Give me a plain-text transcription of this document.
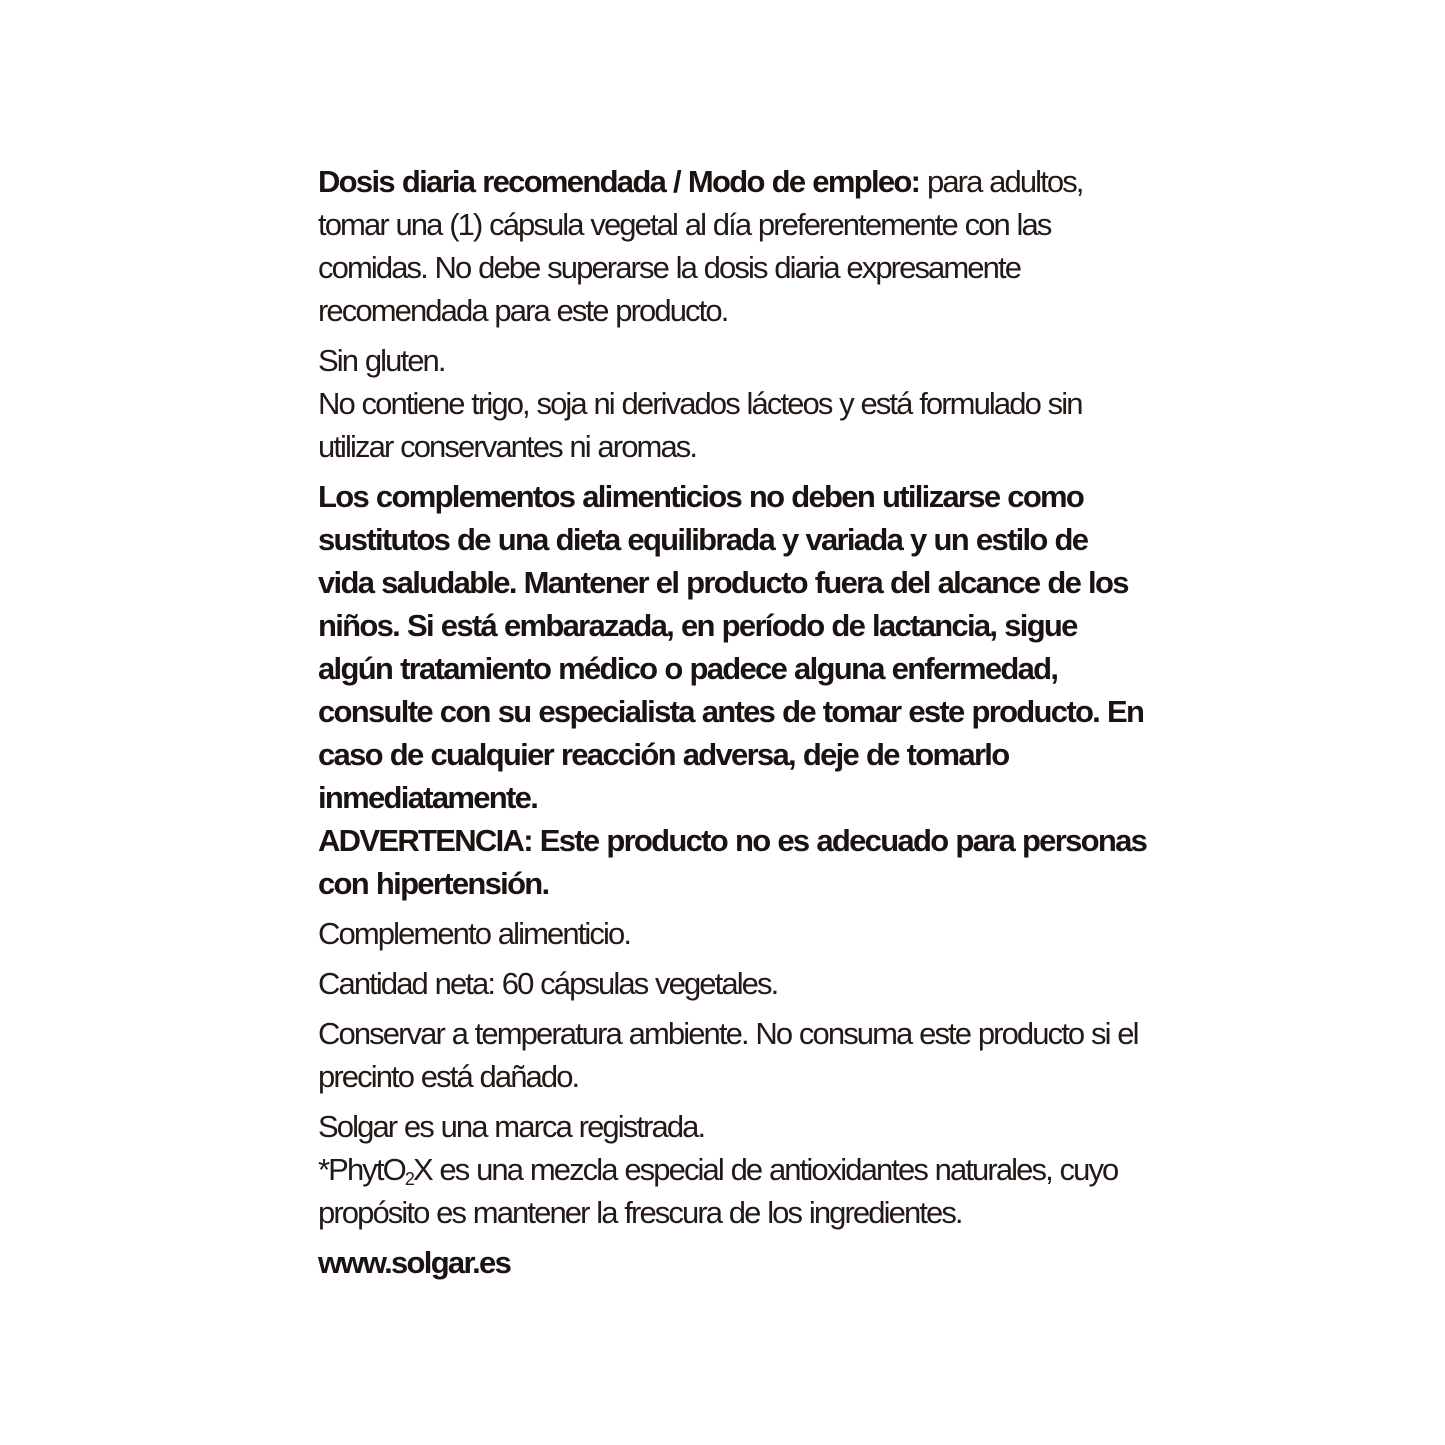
Dosis diaria recomendada / Modo de empleo: para adultos, tomar una (1) cápsula vegetal al día preferentemente con las comidas. No debe superarse la dosis diaria expresamente recomendada para este producto.

Sin gluten.

No contiene trigo, soja ni derivados lácteos y está formulado sin utilizar conservantes ni aromas.

Los complementos alimenticios no deben utilizarse como sustitutos de una dieta equilibrada y variada y un estilo de vida saludable. Mantener el producto fuera del alcance de los niños. Si está embarazada, en período de lactancia, sigue algún tratamiento médico o padece alguna enfermedad, consulte con su especialista antes de tomar este producto. En caso de cualquier reacción adversa, deje de tomarlo inmediatamente.

ADVERTENCIA: Este producto no es adecuado para personas con hipertensión.

Complemento alimenticio.

Cantidad neta: 60 cápsulas vegetales.

Conservar a temperatura ambiente. No consuma este producto si el precinto está dañado.

Solgar es una marca registrada.

*PhytO$_2$X es una mezcla especial de antioxidantes naturales, cuyo propósito es mantener la frescura de los ingredientes.

www.solgar.es
